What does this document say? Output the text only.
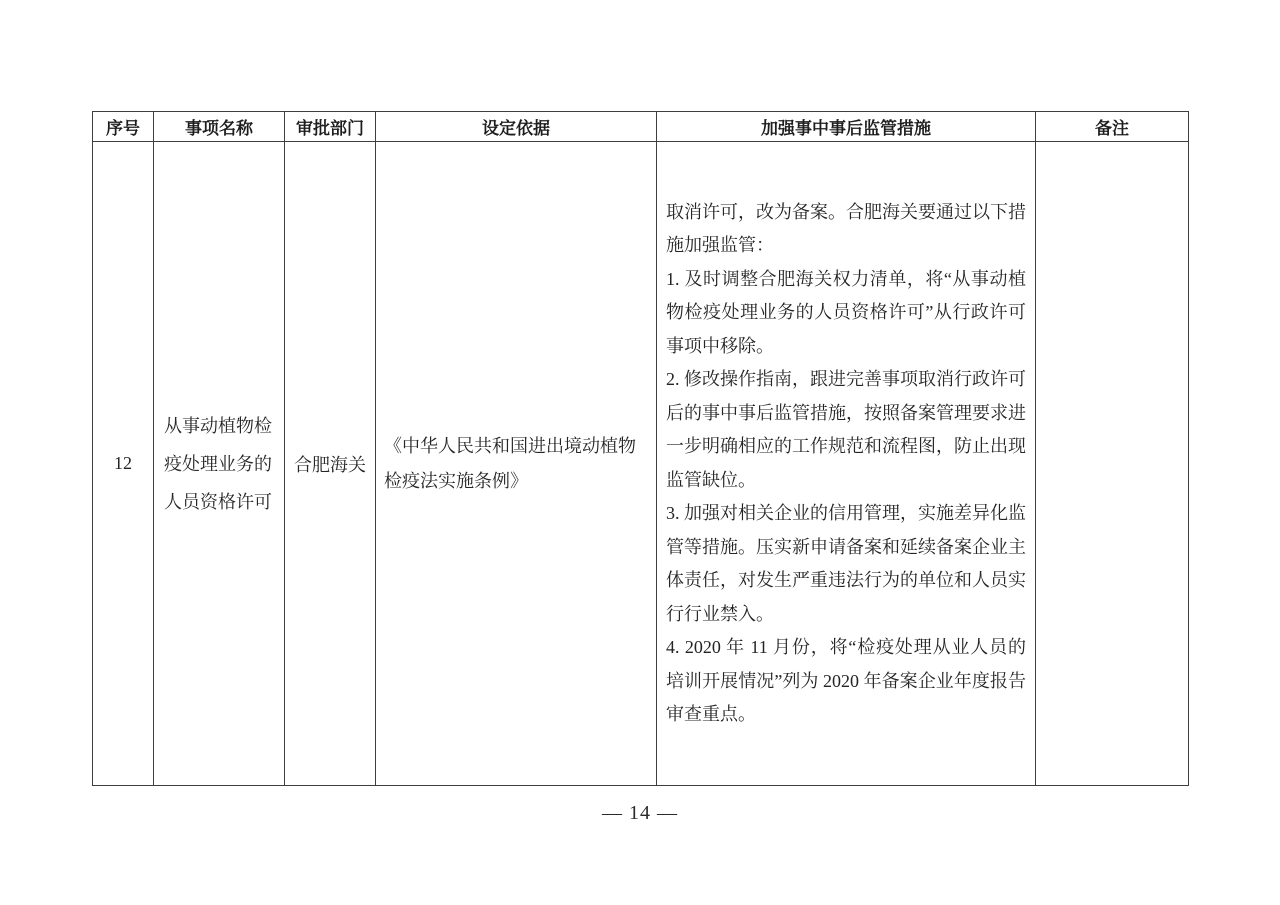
序号	事项名称	审批部门	设定依据	加强事中事后监管措施	备注
12	从事动植物检疫处理业务的人员资格许可	合肥海关	《中华人民共和国进出境动植物检疫法实施条例》	取消许可，改为备案。合肥海关要通过以下措施加强监管：

1. 及时调整合肥海关权力清单，将“从事动植物检疫处理业务的人员资格许可”从行政许可事项中移除。

2. 修改操作指南，跟进完善事项取消行政许可后的事中事后监管措施，按照备案管理要求进一步明确相应的工作规范和流程图，防止出现监管缺位。

3. 加强对相关企业的信用管理，实施差异化监管等措施。压实新申请备案和延续备案企业主体责任，对发生严重违法行为的单位和人员实行行业禁入。

4. 2020 年 11 月份，将“检疫处理从业人员的培训开展情况”列为 2020 年备案企业年度报告审查重点。	

— 14 —
